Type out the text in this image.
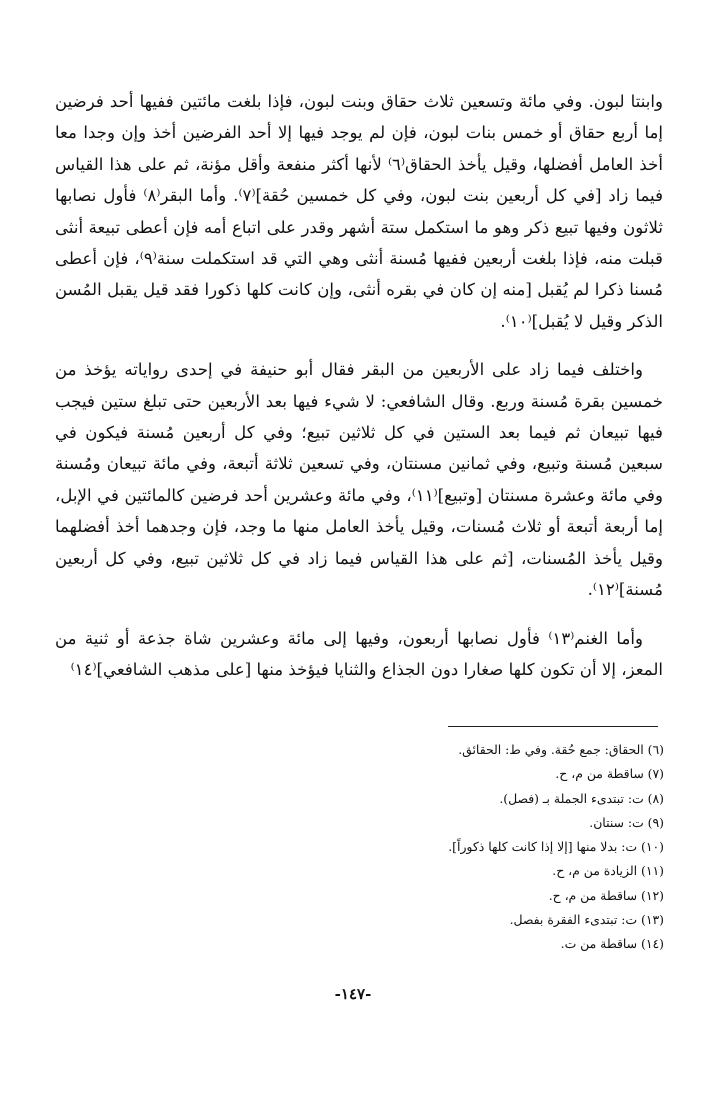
وابنتا لبون. وفي مائة وتسعين ثلاث حقاق وبنت لبون، فإذا بلغت مائتين ففيها أحد فرضين إما أربع حقاق أو خمس بنات لبون، فإن لم يوجد فيها إلا أحد الفرضين أخذ وإن وجدا معا أخذ العامل أفضلها، وقيل يأخذ الحقاق⁽٦⁾ لأنها أكثر منفعة وأقل مؤنة، ثم على هذا القياس فيما زاد [في كل أربعين بنت لبون، وفي كل خمسين حُقة]⁽٧⁾. وأما البقر⁽٨⁾ فأول نصابها ثلاثون وفيها تبيع ذكر وهو ما استكمل ستة أشهر وقدر على اتباع أمه فإن أعطى تبيعة أنثى قبلت منه، فإذا بلغت أربعين ففيها مُسنة أنثى وهي التي قد استكملت سنة⁽٩⁾، فإن أعطى مُسنا ذكرا لم يُقبل [منه إن كان في بقره أنثى، وإن كانت كلها ذكورا فقد قيل يقبل المُسن الذكر وقيل لا يُقبل]⁽١٠⁾.

واختلف فيما زاد على الأربعين من البقر فقال أبو حنيفة في إحدى رواياته يؤخذ من خمسين بقرة مُسنة وربع. وقال الشافعي: لا شيء فيها بعد الأربعين حتى تبلغ ستين فيجب فيها تبيعان ثم فيما بعد الستين في كل ثلاثين تبيع؛ وفي كل أربعين مُسنة فيكون في سبعين مُسنة وتبيع، وفي ثمانين مسنتان، وفي تسعين ثلاثة أتبعة، وفي مائة تبيعان ومُسنة وفي مائة وعشرة مسنتان [وتبيع]⁽١١⁾، وفي مائة وعشرين أحد فرضين كالمائتين في الإبل، إما أربعة أتبعة أو ثلاث مُسنات، وقيل يأخذ العامل منها ما وجد، فإن وجدهما أخذ أفضلهما وقيل يأخذ المُسنات، [ثم على هذا القياس فيما زاد في كل ثلاثين تبيع، وفي كل أربعين مُسنة]⁽١٢⁾.

وأما الغنم⁽١٣⁾ فأول نصابها أربعون، وفيها إلى مائة وعشرين شاة جذعة أو ثنية من المعز، إلا أن تكون كلها صغارا دون الجذاع والثنايا فيؤخذ منها [على مذهب الشافعي]⁽١٤⁾

(٦) الحقاق: جمع حُقة. وفي ط: الحقائق.
(٧) ساقطة من م، ح.
(٨) ت: تبتدىء الجملة بـ (فصل).
(٩) ت: سنتان.
(١٠) ت: بدلا منها [إلا إذا كانت كلها ذكوراً].
(١١) الزيادة من م، ح.
(١٢) ساقطة من م، ح.
(١٣) ت: تبتدىء الفقرة بفصل.
(١٤) ساقطة من ت.
-١٤٧-
